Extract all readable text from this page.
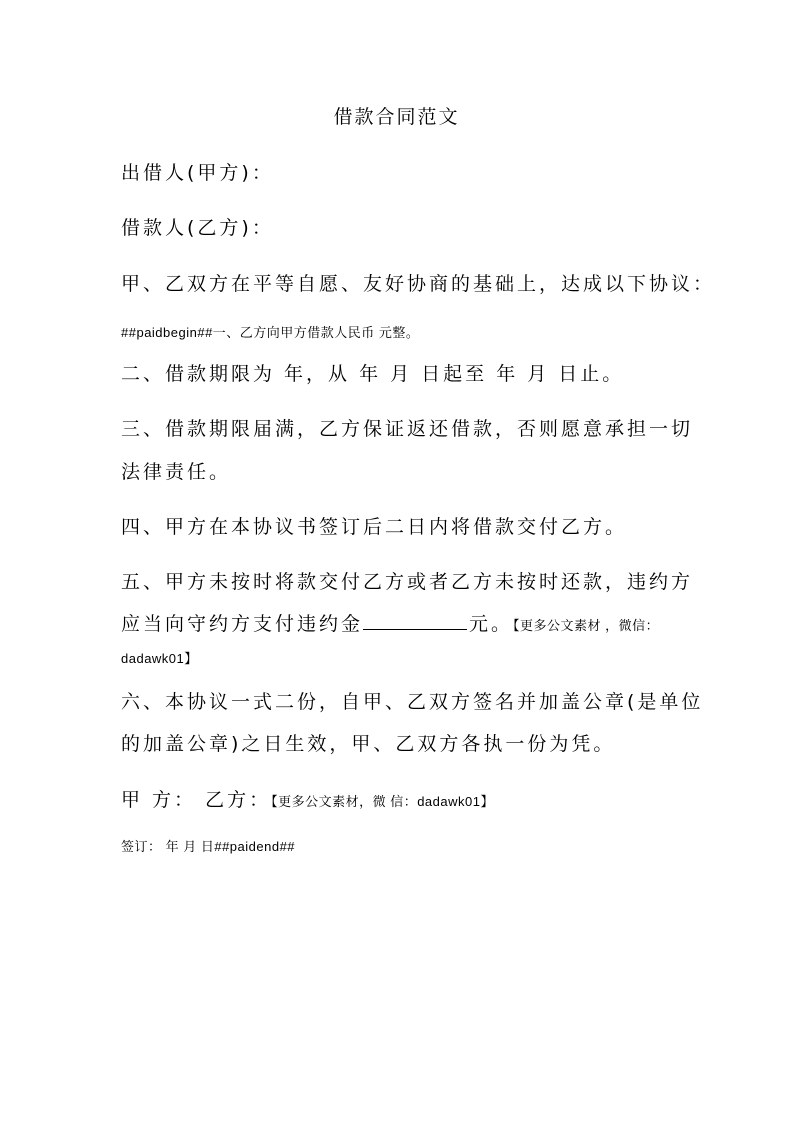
借款合同范文
出借人(甲方)：
借款人(乙方)：
甲、乙双方在平等自愿、友好协商的基础上，达成以下协议：
##paidbegin##一、乙方向甲方借款人民币 元整。
二、借款期限为 年，从 年 月 日起至 年 月 日止。
三、借款期限届满，乙方保证返还借款，否则愿意承担一切
法律责任。
四、甲方在本协议书签订后二日内将借款交付乙方。
五、甲方未按时将款交付乙方或者乙方未按时还款，违约方
应当向守约方支付违约金	元。【更多公文素材 ，微信：
dadawk01】
六、本协议一式二份，自甲、乙双方签名并加盖公章(是单位
的加盖公章)之日生效，甲、乙双方各执一份为凭。
甲 方： 乙方：【更多公文素材，微 信：dadawk01】
签订： 年 月 日##paidend##
